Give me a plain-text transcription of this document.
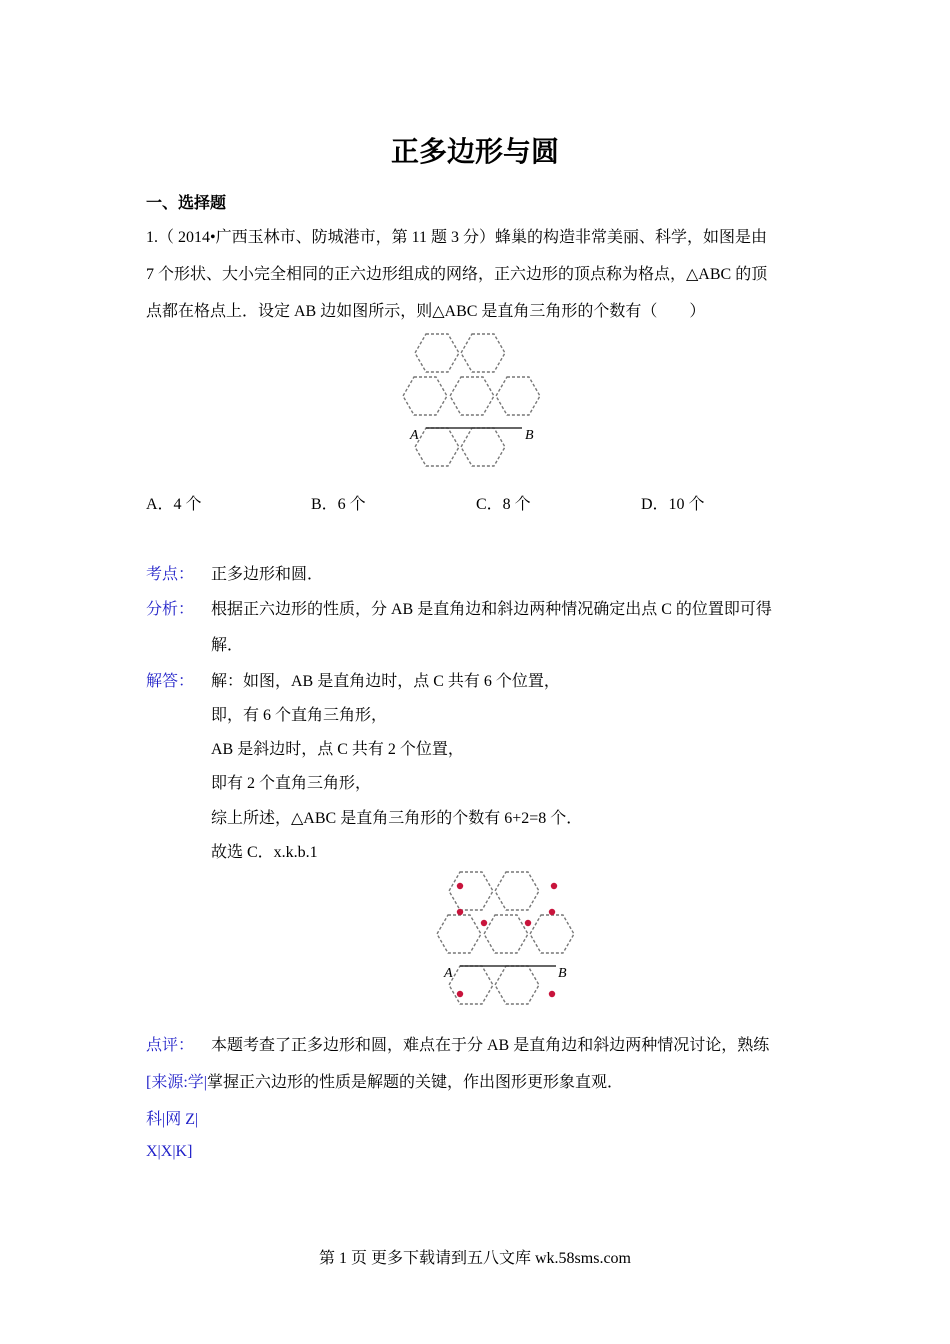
正多边形与圆
一、选择题
1.（ 2014•广西玉林市、防城港市，第 11 题 3 分）蜂巢的构造非常美丽、科学，如图是由
7 个形状、大小完全相同的正六边形组成的网络，正六边形的顶点称为格点，△ABC 的顶
点都在格点上．设定 AB 边如图所示，则△ABC 是直角三角形的个数有（　　）
A	B
A．4 个	B．6 个	C．8 个	D．10 个
考点： 正多边形和圆．
分析： 根据正六边形的性质，分 AB 是直角边和斜边两种情况确定出点 C 的位置即可得
解．
解答： 解：如图，AB 是直角边时，点 C 共有 6 个位置，
即，有 6 个直角三角形，
AB 是斜边时，点 C 共有 2 个位置，
即有 2 个直角三角形，
综上所述，△ABC 是直角三角形的个数有 6+2=8 个．
故选 C．x.k.b.1
A	B
点评： 本题考查了正多边形和圆，难点在于分 AB 是直角边和斜边两种情况讨论，熟练
[来源:学|掌握正六边形的性质是解题的关键，作出图形更形象直观．
科|网 Z|
X|X|K]
第 1 页 更多下载请到五八文库 wk.58sms.com
